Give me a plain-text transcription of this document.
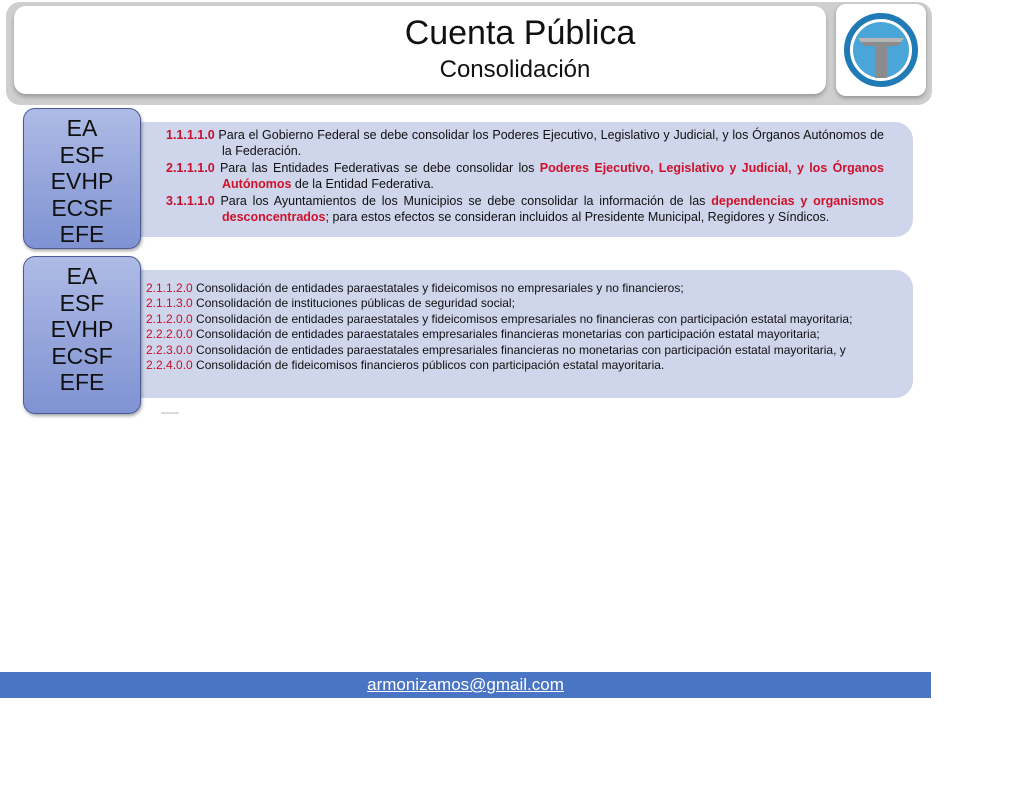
Cuenta Pública
Consolidación
EA
ESF
EVHP
ECSF
EFE
1.1.1.1.0 Para el Gobierno Federal se debe consolidar los Poderes Ejecutivo, Legislativo y Judicial, y los Órganos Autónomos de la Federación.
2.1.1.1.0 Para las Entidades Federativas se debe consolidar los Poderes Ejecutivo, Legislativo y Judicial, y los Órganos Autónomos de la Entidad Federativa.
3.1.1.1.0 Para los Ayuntamientos de los Municipios se debe consolidar la información de las dependencias y organismos desconcentrados; para estos efectos se consideran incluidos al Presidente Municipal, Regidores y Síndicos.
EA
ESF
EVHP
ECSF
EFE
2.1.1.2.0 Consolidación de entidades paraestatales y fideicomisos no empresariales y no financieros;
2.1.1.3.0 Consolidación de instituciones públicas de seguridad social;
2.1.2.0.0 Consolidación de entidades paraestatales y fideicomisos empresariales no financieras con participación estatal mayoritaria;
2.2.2.0.0 Consolidación de entidades paraestatales empresariales financieras monetarias con participación estatal mayoritaria;
2.2.3.0.0 Consolidación de entidades paraestatales empresariales financieras no monetarias con participación estatal mayoritaria, y
2.2.4.0.0 Consolidación de fideicomisos financieros públicos con participación estatal mayoritaria.
armonizamos@gmail.com
